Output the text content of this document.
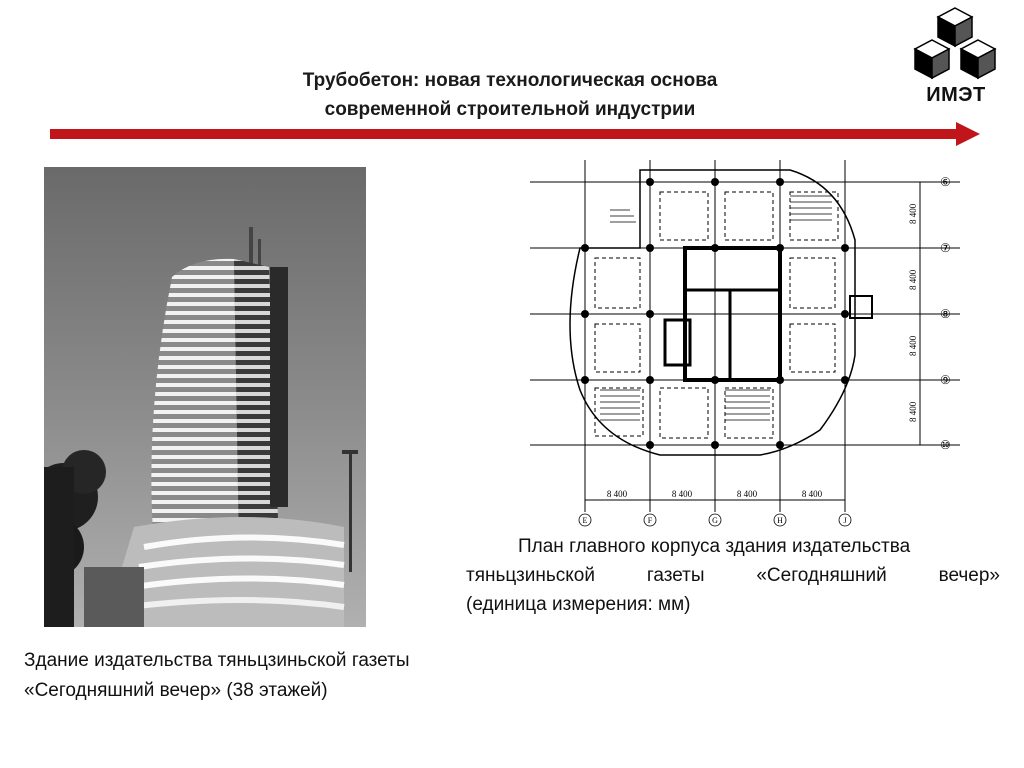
Трубобетон: новая технологическая основа
современной строительной индустрии
ИМЭТ
Здание издательства тяньцзиньской газеты
«Сегодняшний вечер» (38 этажей)
⑥
⑦
⑧
⑨
⑩
8 400
8 400
8 400
8 400
8 400	8 400	8 400	8 400
E	F	G	H	J
План главного корпуса здания издательства
тяньцзиньской газеты «Сегодняшний вечер»
(единица измерения: мм)
